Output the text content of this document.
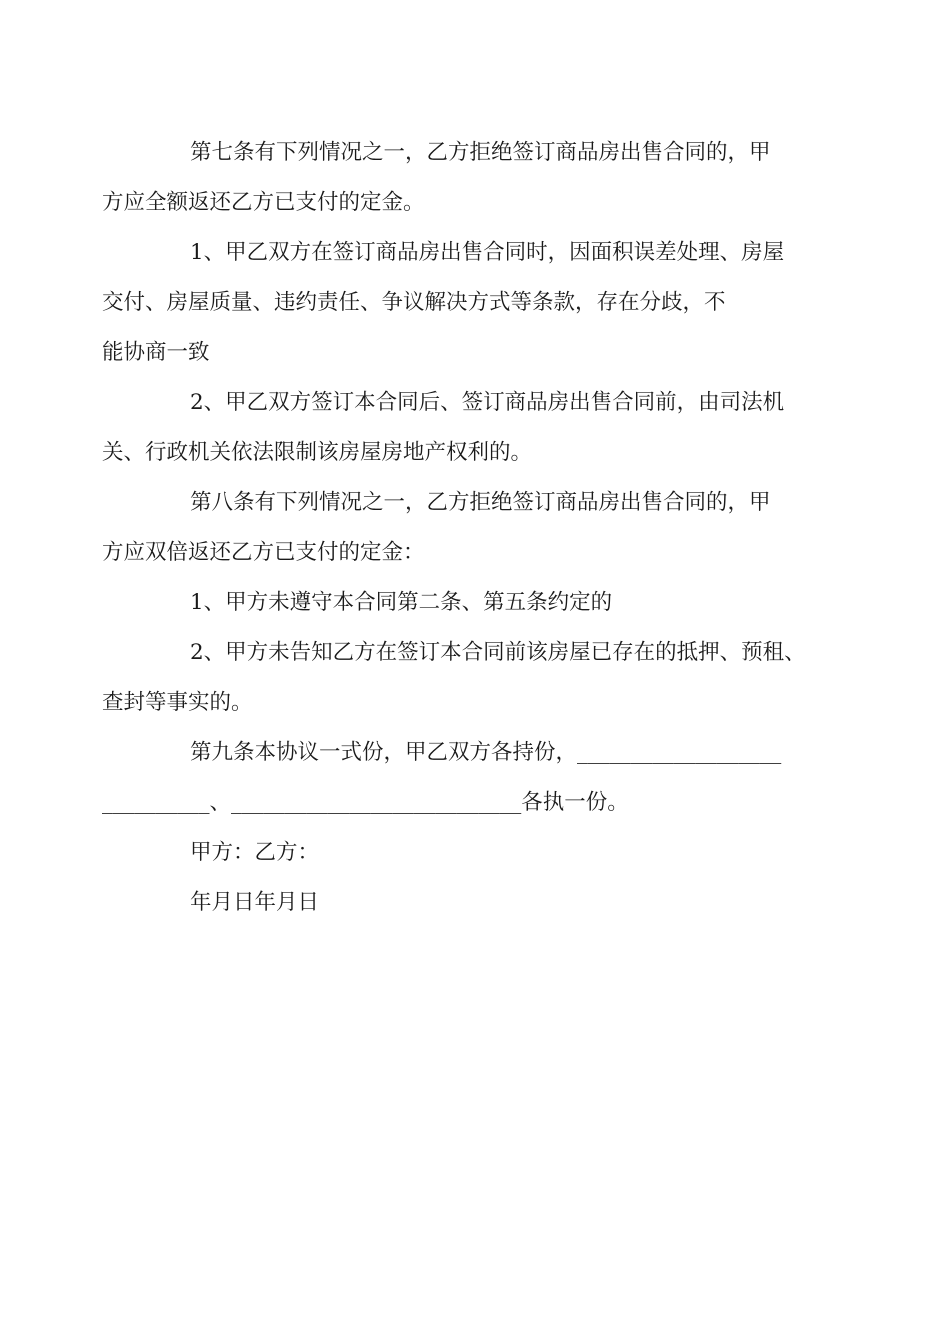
第七条有下列情况之一，乙方拒绝签订商品房出售合同的，甲
方应全额返还乙方已支付的定金。

1、甲乙双方在签订商品房出售合同时，因面积误差处理、房屋
交付、房屋质量、违约责任、争议解决方式等条款，存在分歧，不
能协商一致

2、甲乙双方签订本合同后、签订商品房出售合同前，由司法机
关、行政机关依法限制该房屋房地产权利的。

第八条有下列情况之一，乙方拒绝签订商品房出售合同的，甲
方应双倍返还乙方已支付的定金：

1、甲方未遵守本合同第二条、第五条约定的

2、甲方未告知乙方在签订本合同前该房屋已存在的抵押、预租、
查封等事实的。

第九条本协议一式份，甲乙双方各持份，___________________
__________、___________________________各执一份。

甲方：乙方：

年月日年月日
